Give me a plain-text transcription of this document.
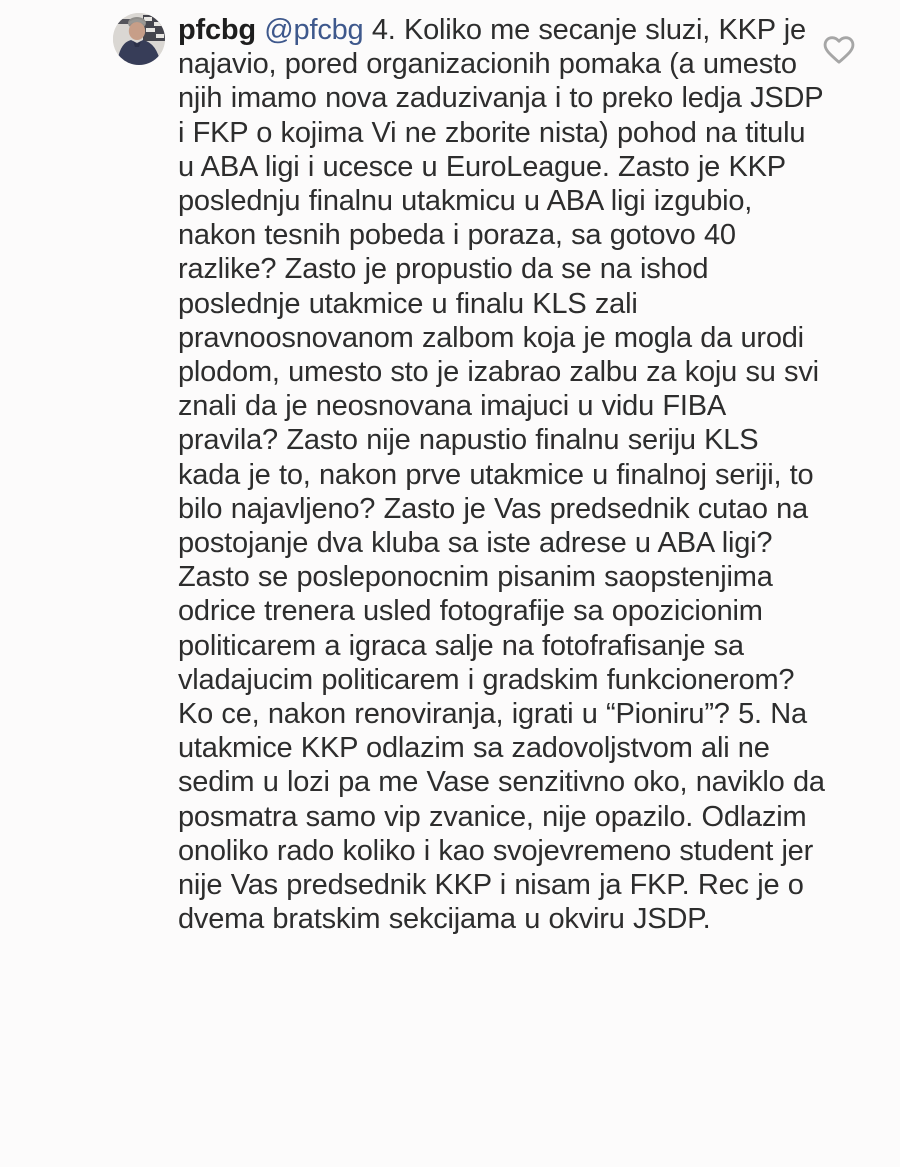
pfcbg @pfcbg 4. Koliko me secanje sluzi, KKP je najavio, pored organizacionih pomaka (a umesto njih imamo nova zaduzivanja i to preko ledja JSDP i FKP o kojima Vi ne zborite nista) pohod na titulu u ABA ligi i ucesce u EuroLeague. Zasto je KKP poslednju finalnu utakmicu u ABA ligi izgubio, nakon tesnih pobeda i poraza, sa gotovo 40 razlike? Zasto je propustio da se na ishod poslednje utakmice u finalu KLS zali pravnoosnovanom zalbom koja je mogla da urodi plodom, umesto sto je izabrao zalbu za koju su svi znali da je neosnovana imajuci u vidu FIBA pravila? Zasto nije napustio finalnu seriju KLS kada je to, nakon prve utakmice u finalnoj seriji, to bilo najavljeno? Zasto je Vas predsednik cutao na postojanje dva kluba sa iste adrese u ABA ligi? Zasto se posleponocnim pisanim saopstenjima odrice trenera usled fotografije sa opozicionim politicarem a igraca salje na fotofrafisanje sa vladajucim politicarem i gradskim funkcionerom? Ko ce, nakon renoviranja, igrati u “Pioniru”? 5. Na utakmice KKP odlazim sa zadovoljstvom ali ne sedim u lozi pa me Vase senzitivno oko, naviklo da posmatra samo vip zvanice, nije opazilo. Odlazim onoliko rado koliko i kao svojevremeno student jer nije Vas predsednik KKP i nisam ja FKP. Rec je o dvema bratskim sekcijama u okviru JSDP.
